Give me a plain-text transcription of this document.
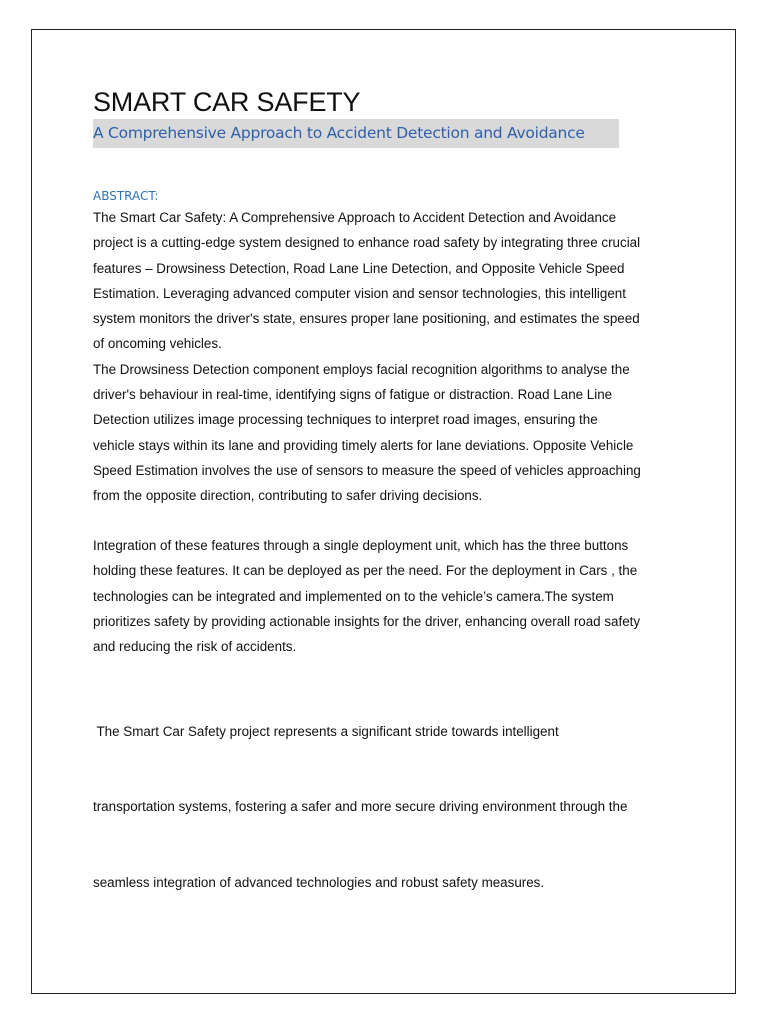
SMART CAR SAFETY
A Comprehensive Approach to Accident Detection and Avoidance
ABSTRACT:
The Smart Car Safety: A Comprehensive Approach to Accident Detection and Avoidance
project is a cutting-edge system designed to enhance road safety by integrating three crucial
features – Drowsiness Detection, Road Lane Line Detection, and Opposite Vehicle Speed
Estimation. Leveraging advanced computer vision and sensor technologies, this intelligent
system monitors the driver's state, ensures proper lane positioning, and estimates the speed
of oncoming vehicles.
The Drowsiness Detection component employs facial recognition algorithms to analyse the
driver's behaviour in real-time, identifying signs of fatigue or distraction. Road Lane Line
Detection utilizes image processing techniques to interpret road images, ensuring the
vehicle stays within its lane and providing timely alerts for lane deviations. Opposite Vehicle
Speed Estimation involves the use of sensors to measure the speed of vehicles approaching
from the opposite direction, contributing to safer driving decisions.
Integration of these features through a single deployment unit, which has the three buttons
holding these features. It can be deployed as per the need. For the deployment in Cars , the
technologies can be integrated and implemented on to the vehicle’s camera.The system
prioritizes safety by providing actionable insights for the driver, enhancing overall road safety
and reducing the risk of accidents.

The Smart Car Safety project represents a significant stride towards intelligent

transportation systems, fostering a safer and more secure driving environment through the

seamless integration of advanced technologies and robust safety measures.
